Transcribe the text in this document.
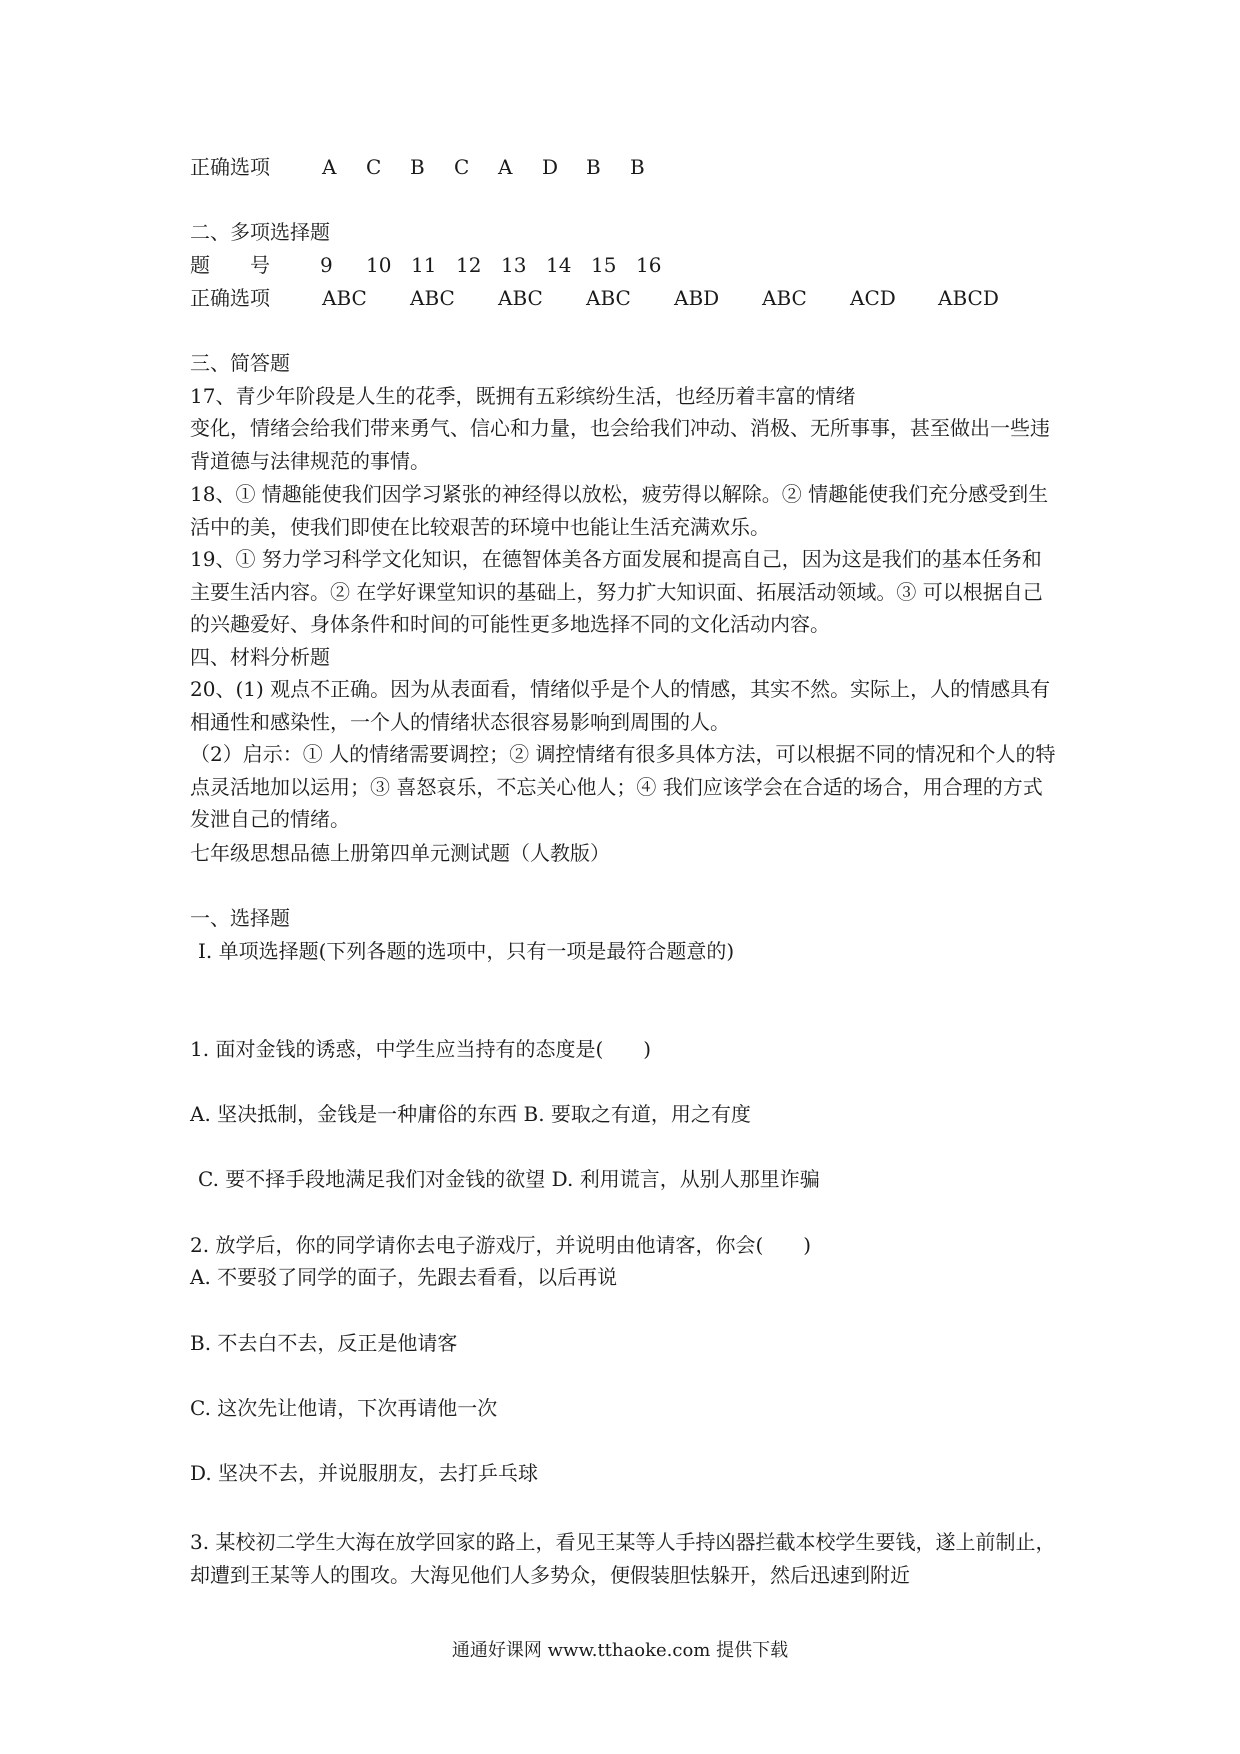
正确选项	A C B C A D B B
二、多项选择题
题　　号	9 10 11 12 13 14 15 16
正确选项	ABC ABC ABC ABC ABD ABC ACD ABCD
三、简答题
17、青少年阶段是人生的花季，既拥有五彩缤纷生活，也经历着丰富的情绪
变化，情绪会给我们带来勇气、信心和力量，也会给我们冲动、消极、无所事事，甚至做出一些违背道德与法律规范的事情。
18、① 情趣能使我们因学习紧张的神经得以放松，疲劳得以解除。② 情趣能使我们充分感受到生活中的美，使我们即使在比较艰苦的环境中也能让生活充满欢乐。
19、① 努力学习科学文化知识，在德智体美各方面发展和提高自己，因为这是我们的基本任务和主要生活内容。② 在学好课堂知识的基础上，努力扩大知识面、拓展活动领域。③ 可以根据自己的兴趣爱好、身体条件和时间的可能性更多地选择不同的文化活动内容。
四、材料分析题
20、(1) 观点不正确。因为从表面看，情绪似乎是个人的情感，其实不然。实际上，人的情感具有相通性和感染性，一个人的情绪状态很容易影响到周围的人。
（2）启示：① 人的情绪需要调控；② 调控情绪有很多具体方法，可以根据不同的情况和个人的特点灵活地加以运用；③ 喜怒哀乐，不忘关心他人；④ 我们应该学会在合适的场合，用合理的方式发泄自己的情绪。
七年级思想品德上册第四单元测试题（人教版）
一、选择题
Ⅰ. 单项选择题(下列各题的选项中，只有一项是最符合题意的)
1. 面对金钱的诱惑，中学生应当持有的态度是(　　)
A. 坚决抵制，金钱是一种庸俗的东西 B. 要取之有道，用之有度
C. 要不择手段地满足我们对金钱的欲望 D. 利用谎言，从别人那里诈骗
2. 放学后，你的同学请你去电子游戏厅，并说明由他请客，你会(　　)
A. 不要驳了同学的面子，先跟去看看，以后再说
B. 不去白不去，反正是他请客
C. 这次先让他请，下次再请他一次
D. 坚决不去，并说服朋友，去打乒乓球
3. 某校初二学生大海在放学回家的路上，看见王某等人手持凶器拦截本校学生要钱，遂上前制止，却遭到王某等人的围攻。大海见他们人多势众，便假装胆怯躲开，然后迅速到附近
通通好课网 www.tthaoke.com 提供下载
